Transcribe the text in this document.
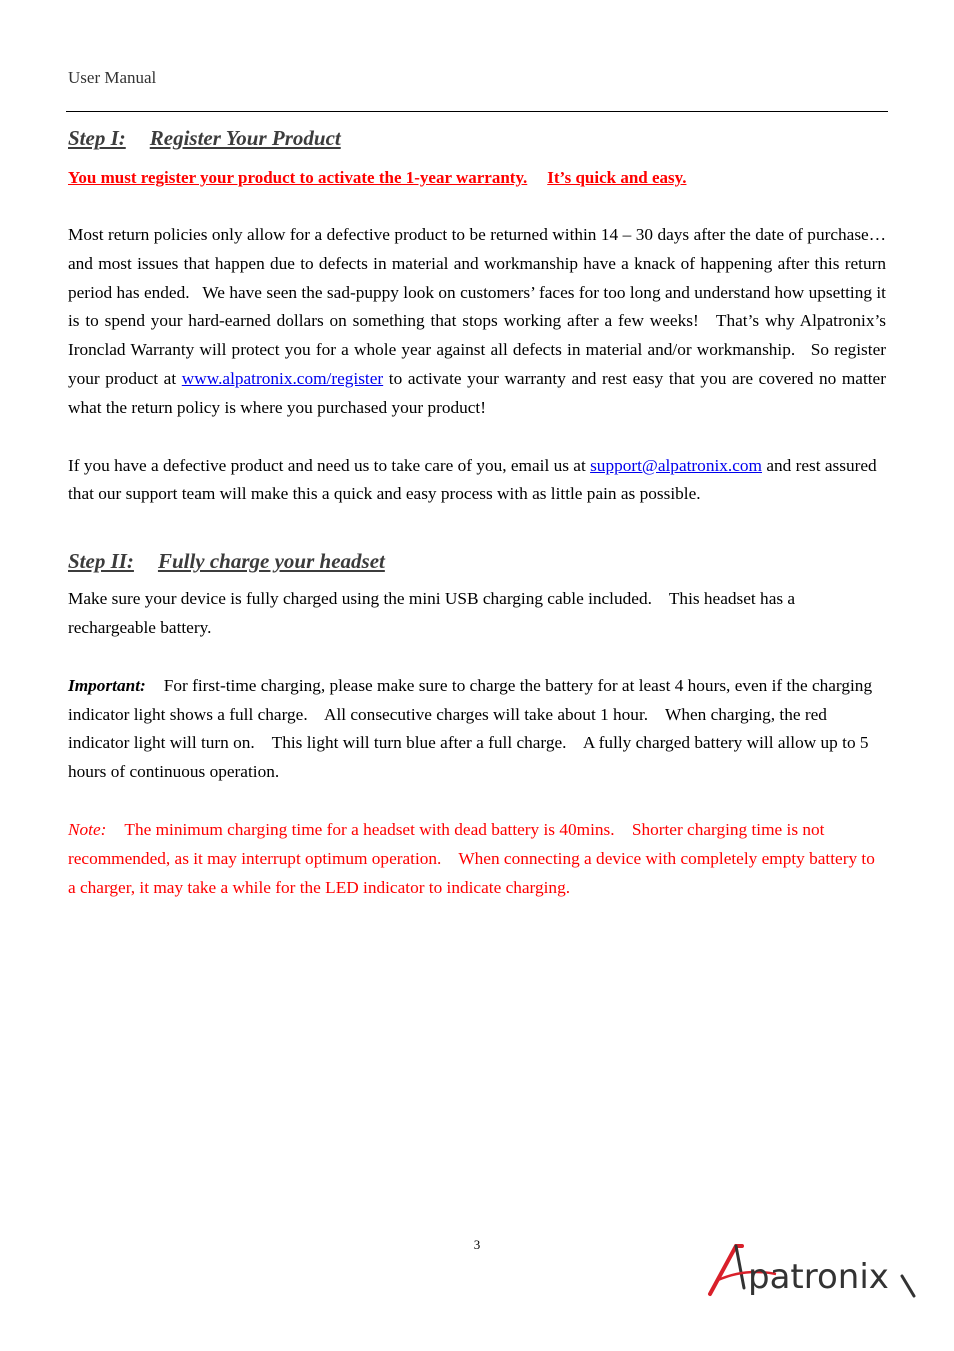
User Manual
Step I: Register Your Product

You must register your product to activate the 1-year warranty. It’s quick and easy.

Most return policies only allow for a defective product to be returned within 14 – 30 days after the date of purchase… and most issues that happen due to defects in material and workmanship have a knack of happening after this return period has ended.   We have seen the sad-puppy look on customers’ faces for too long and understand how upsetting it is to spend your hard-earned dollars on something that stops working after a few weeks!   That’s why Alpatronix’s Ironclad Warranty will protect you for a whole year against all defects in material and/or workmanship.   So register your product at www.alpatronix.com/register to activate your warranty and rest easy that you are covered no matter what the return policy is where you purchased your product!

If you have a defective product and need us to take care of you, email us at support@alpatronix.com and rest assured that our support team will make this a quick and easy process with as little pain as possible.

Step II: Fully charge your headset

Make sure your device is fully charged using the mini USB charging cable included.    This headset has a rechargeable battery.

Important: For first-time charging, please make sure to charge the battery for at least 4 hours, even if the charging indicator light shows a full charge.    All consecutive charges will take about 1 hour.    When charging, the red indicator light will turn on.    This light will turn blue after a full charge.    A fully charged battery will allow up to 5 hours of continuous operation.

Note: The minimum charging time for a headset with dead battery is 40mins.    Shorter charging time is not recommended, as it may interrupt optimum operation.    When connecting a device with completely empty battery to a charger, it may take a while for the LED indicator to indicate charging.

3
patronix
